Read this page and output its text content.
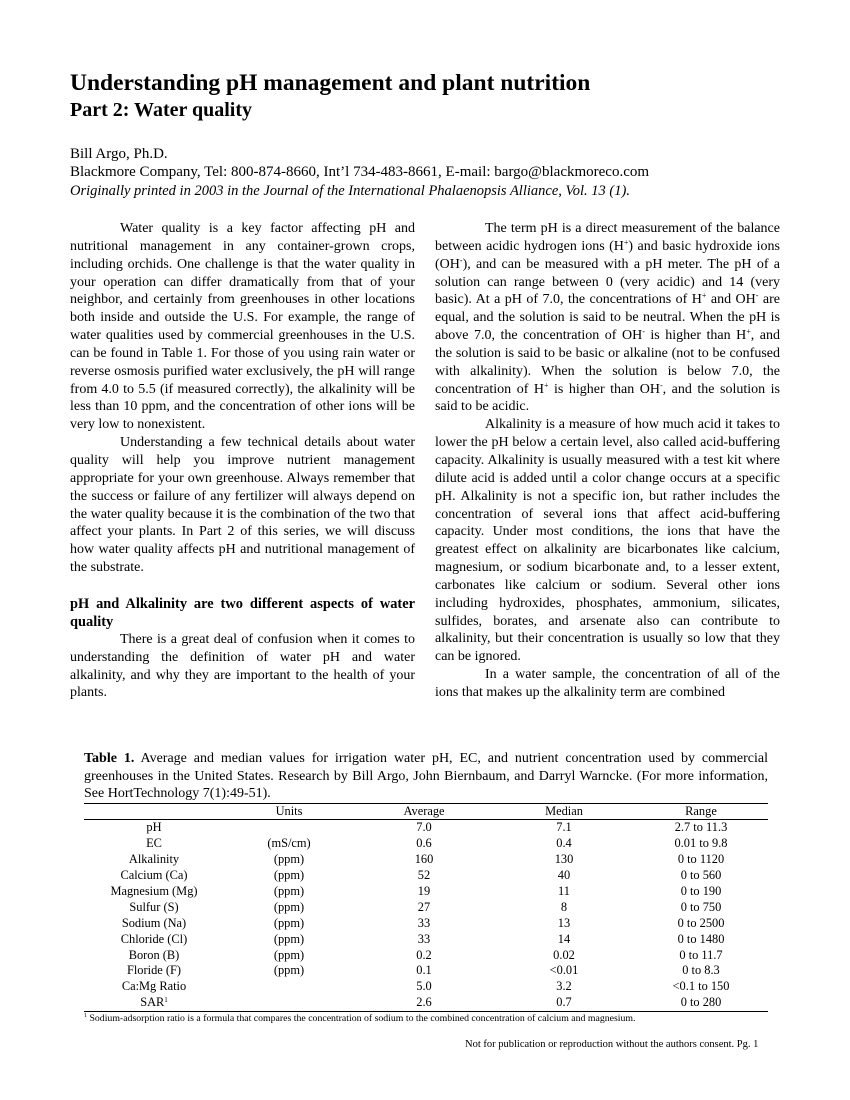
Understanding pH management and plant nutrition
Part 2: Water quality
Bill Argo, Ph.D.
Blackmore Company, Tel: 800-874-8660, Int’l 734-483-8661, E-mail: bargo@blackmoreco.com
Originally printed in 2003 in the Journal of the International Phalaenopsis Alliance, Vol. 13 (1).

Water quality is a key factor affecting pH and nutritional management in any container-grown crops, including orchids. One challenge is that the water quality in your operation can differ dramatically from that of your neighbor, and certainly from greenhouses in other locations both inside and outside the U.S. For example, the range of water qualities used by commercial greenhouses in the U.S. can be found in Table 1. For those of you using rain water or reverse osmosis purified water exclusively, the pH will range from 4.0 to 5.5 (if measured correctly), the alkalinity will be less than 10 ppm, and the concentration of other ions will be very low to nonexistent.

Understanding a few technical details about water quality will help you improve nutrient management appropriate for your own greenhouse. Always remember that the success or failure of any fertilizer will always depend on the water quality because it is the combination of the two that affect your plants. In Part 2 of this series, we will discuss how water quality affects pH and nutritional management of the substrate.

pH and Alkalinity are two different aspects of water quality

There is a great deal of confusion when it comes to understanding the definition of water pH and water alkalinity, and why they are important to the health of your plants.

The term pH is a direct measurement of the balance between acidic hydrogen ions (H+) and basic hydroxide ions (OH-), and can be measured with a pH meter. The pH of a solution can range between 0 (very acidic) and 14 (very basic). At a pH of 7.0, the concentrations of H+ and OH- are equal, and the solution is said to be neutral. When the pH is above 7.0, the concentration of OH- is higher than H+, and the solution is said to be basic or alkaline (not to be confused with alkalinity). When the solution is below 7.0, the concentration of H+ is higher than OH-, and the solution is said to be acidic.

Alkalinity is a measure of how much acid it takes to lower the pH below a certain level, also called acid-buffering capacity. Alkalinity is usually measured with a test kit where dilute acid is added until a color change occurs at a specific pH. Alkalinity is not a specific ion, but rather includes the concentration of several ions that affect acid-buffering capacity. Under most conditions, the ions that have the greatest effect on alkalinity are bicarbonates like calcium, magnesium, or sodium bicarbonate and, to a lesser extent, carbonates like calcium or sodium. Several other ions including hydroxides, phosphates, ammonium, silicates, sulfides, borates, and arsenate also can contribute to alkalinity, but their concentration is usually so low that they can be ignored.

In a water sample, the concentration of all of the ions that makes up the alkalinity term are combined

Table 1. Average and median values for irrigation water pH, EC, and nutrient concentration used by commercial greenhouses in the United States. Research by Bill Argo, John Biernbaum, and Darryl Warncke. (For more information, See HortTechnology 7(1):49-51).
	Units	Average	Median	Range
pH		7.0	7.1	2.7 to 11.3
EC	(mS/cm)	0.6	0.4	0.01 to 9.8
Alkalinity	(ppm)	160	130	0 to 1120
Calcium (Ca)	(ppm)	52	40	0 to 560
Magnesium (Mg)	(ppm)	19	11	0 to 190
Sulfur (S)	(ppm)	27	8	0 to 750
Sodium (Na)	(ppm)	33	13	0 to 2500
Chloride (Cl)	(ppm)	33	14	0 to 1480
Boron (B)	(ppm)	0.2	0.02	0 to 11.7
Floride (F)	(ppm)	0.1	<0.01	0 to 8.3
Ca:Mg Ratio		5.0	3.2	<0.1 to 150
SAR$^1$		2.6	0.7	0 to 280
$^1$ Sodium-adsorption ratio is a formula that compares the concentration of sodium to the combined concentration of calcium and magnesium.
Not for publication or reproduction without the authors consent. Pg. 1
